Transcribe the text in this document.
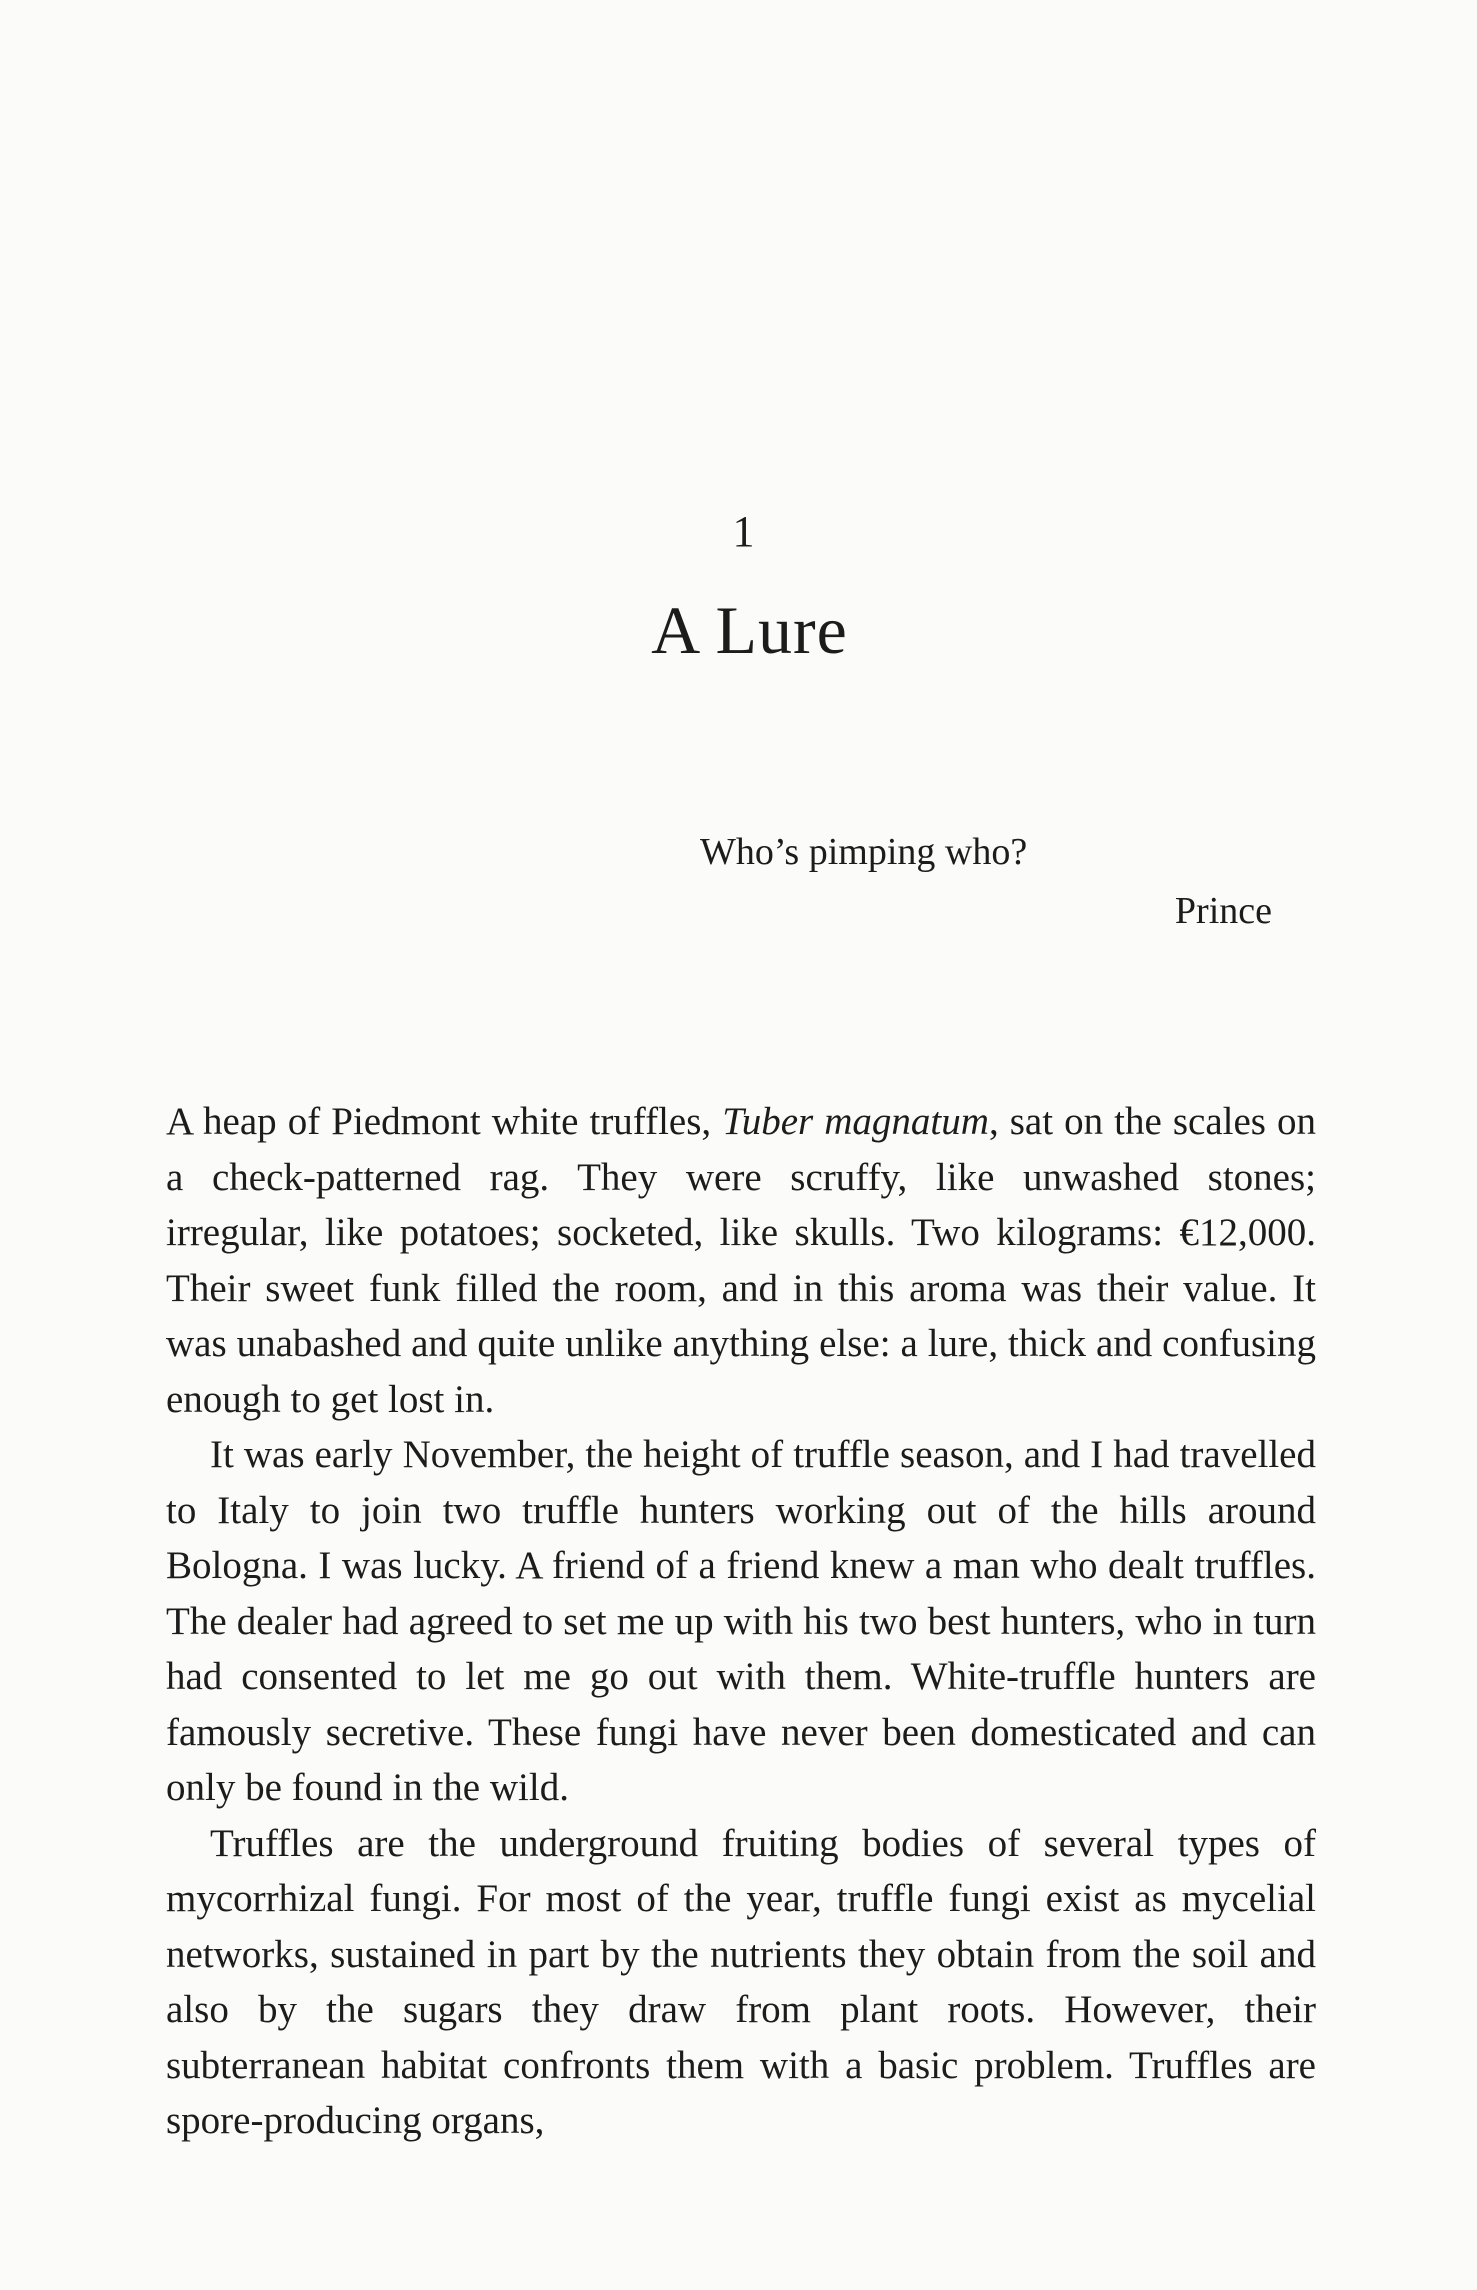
1
A Lure
Who’s pimping who?
Prince

A heap of Piedmont white truffles, Tuber magnatum, sat on the scales on a check-patterned rag. They were scruffy, like unwashed stones; irregular, like potatoes; socketed, like skulls. Two kilograms: €12,000. Their sweet funk filled the room, and in this aroma was their value. It was unabashed and quite unlike anything else: a lure, thick and confusing enough to get lost in.

It was early November, the height of truffle season, and I had travelled to Italy to join two truffle hunters working out of the hills around Bologna. I was lucky. A friend of a friend knew a man who dealt truffles. The dealer had agreed to set me up with his two best hunters, who in turn had consented to let me go out with them. White-truffle hunters are famously secretive. These fungi have never been domesticated and can only be found in the wild.

Truffles are the underground fruiting bodies of several types of mycorrhizal fungi. For most of the year, truffle fungi exist as mycelial networks, sustained in part by the nutrients they obtain from the soil and also by the sugars they draw from plant roots. However, their subterranean habitat confronts them with a basic problem. Truffles are spore-producing organs,
